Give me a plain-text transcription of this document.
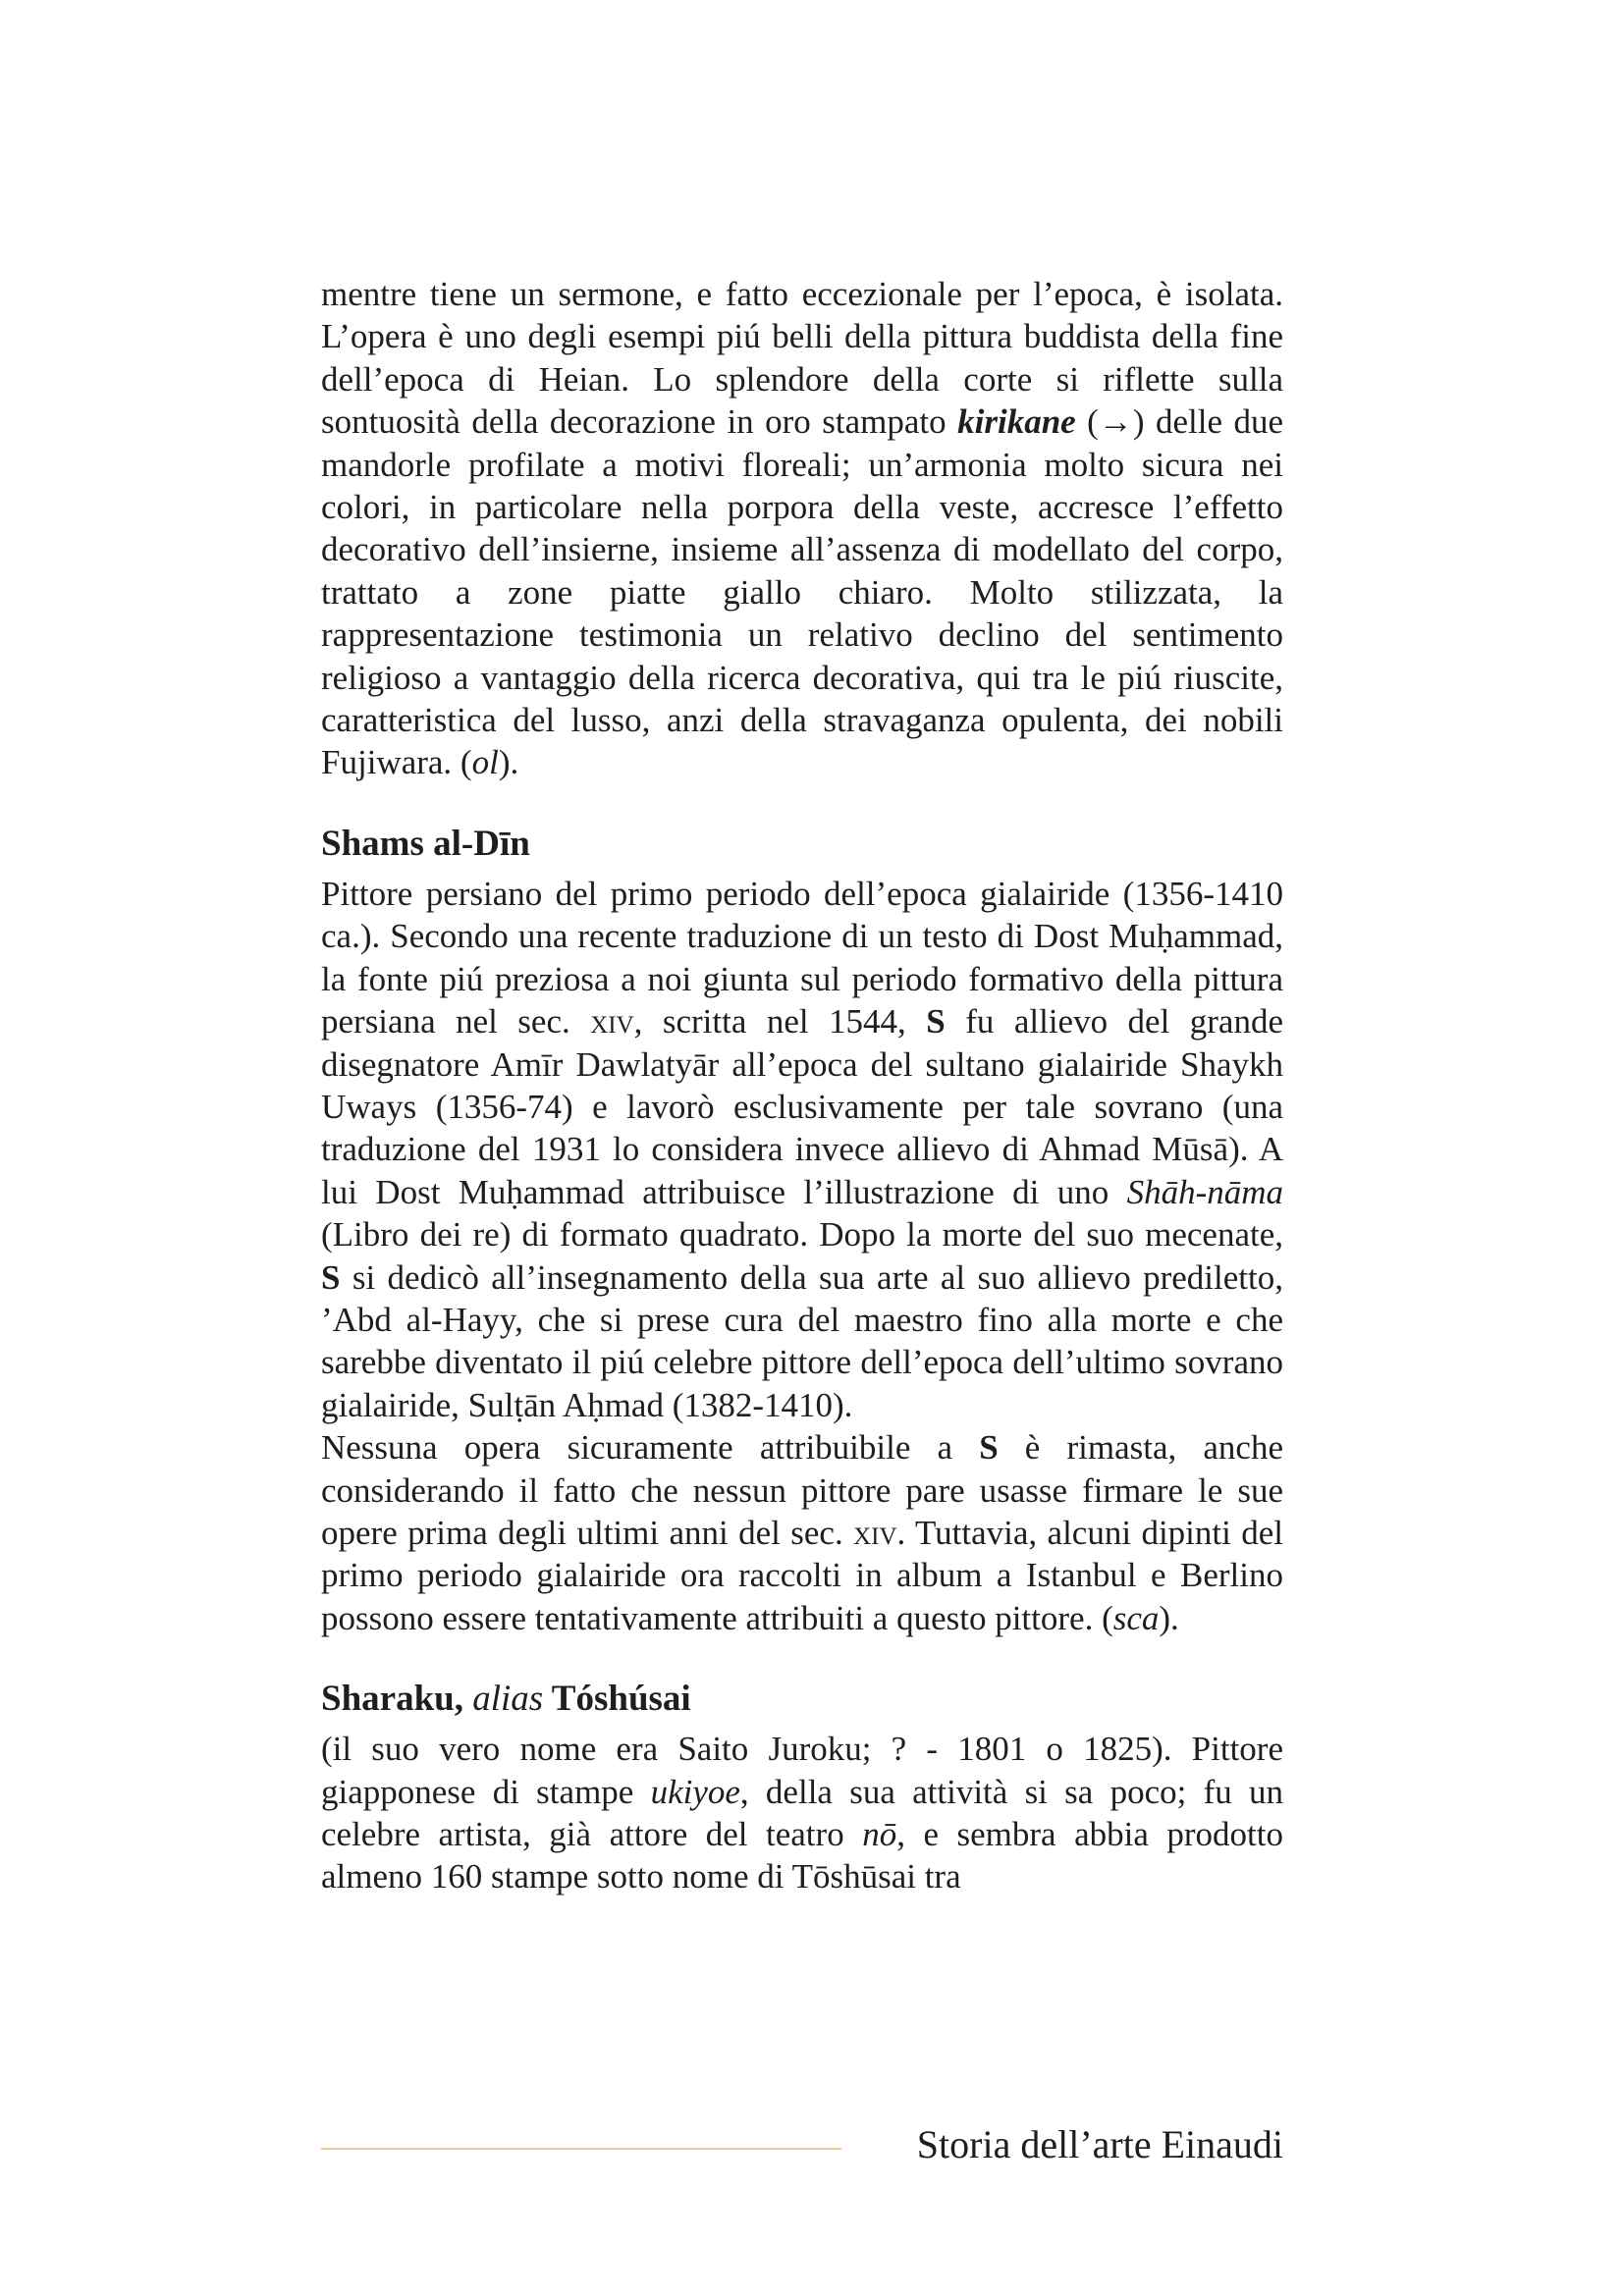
mentre tiene un sermone, e fatto eccezionale per l’epoca, è isolata. L’opera è uno degli esempi piú belli della pittura buddista della fine dell’epoca di Heian. Lo splendore della corte si riflette sulla sontuosità della decorazione in oro stampato kirikane (→) delle due mandorle profilate a motivi floreali; un’armonia molto sicura nei colori, in particolare nella porpora della veste, accresce l’effetto decorativo dell’insierne, insieme all’assenza di modellato del corpo, trattato a zone piatte giallo chiaro. Molto stilizzata, la rappresentazione testimonia un relativo declino del sentimento religioso a vantaggio della ricerca decorativa, qui tra le piú riuscite, caratteristica del lusso, anzi della stravaganza opulenta, dei nobili Fujiwara. (ol).

Shams al-Dīn

Pittore persiano del primo periodo dell’epoca gialairide (1356-1410 ca.). Secondo una recente traduzione di un testo di Dost Muḥammad, la fonte piú preziosa a noi giunta sul periodo formativo della pittura persiana nel sec. xiv, scritta nel 1544, S fu allievo del grande disegnatore Amīr Dawlatyār all’epoca del sultano gialairide Shaykh Uways (1356-74) e lavorò esclusivamente per tale sovrano (una traduzione del 1931 lo considera invece allievo di Ahmad Mūsā). A lui Dost Muḥammad attribuisce l’illustrazione di uno Shāh-nāma (Libro dei re) di formato quadrato. Dopo la morte del suo mecenate, S si dedicò all’insegnamento della sua arte al suo allievo prediletto, ’Abd al-Hayy, che si prese cura del maestro fino alla morte e che sarebbe diventato il piú celebre pittore dell’epoca dell’ultimo sovrano gialairide, Sulṭān Aḥmad (1382-1410).

Nessuna opera sicuramente attribuibile a S è rimasta, anche considerando il fatto che nessun pittore pare usasse firmare le sue opere prima degli ultimi anni del sec. xiv. Tuttavia, alcuni dipinti del primo periodo gialairide ora raccolti in album a Istanbul e Berlino possono essere tentativamente attribuiti a questo pittore. (sca).

Sharaku, alias Tóshúsai

(il suo vero nome era Saito Juroku; ? - 1801 o 1825). Pittore giapponese di stampe ukiyoe, della sua attività si sa poco; fu un celebre artista, già attore del teatro nō, e sembra abbia prodotto almeno 160 stampe sotto nome di Tōshūsai tra

Storia dell’arte Einaudi
